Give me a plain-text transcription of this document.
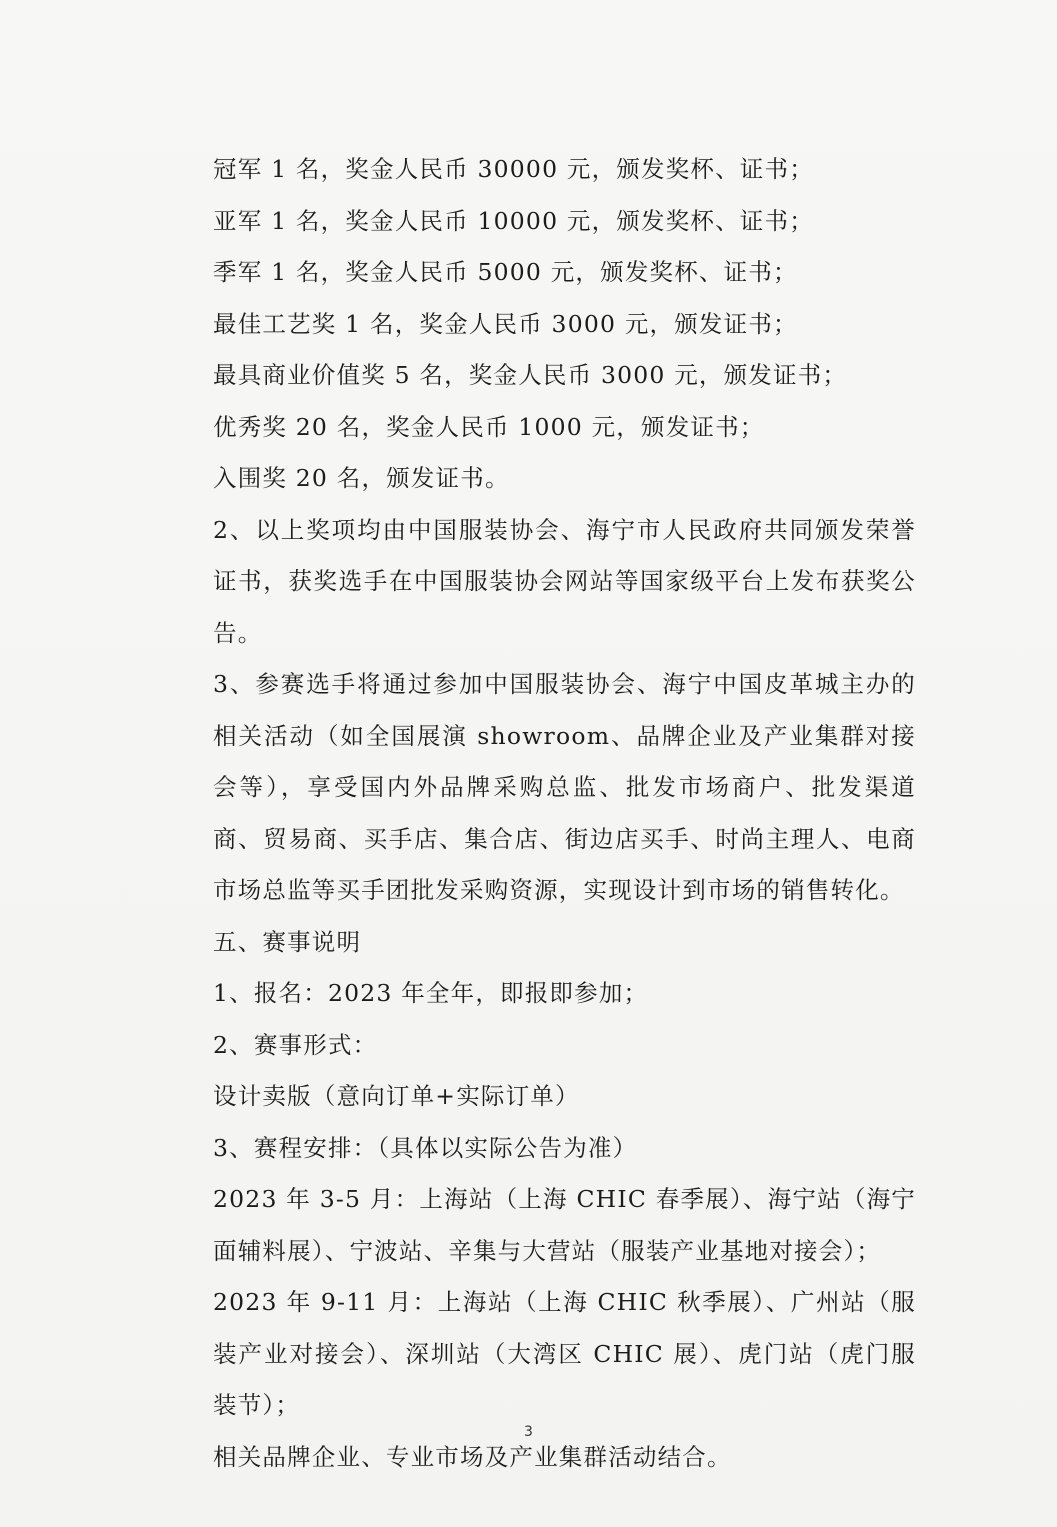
冠军 1 名，奖金人民币 30000 元，颁发奖杯、证书；

亚军 1 名，奖金人民币 10000 元，颁发奖杯、证书；

季军 1 名，奖金人民币 5000 元，颁发奖杯、证书；

最佳工艺奖 1 名，奖金人民币 3000 元，颁发证书；

最具商业价值奖 5 名，奖金人民币 3000 元，颁发证书；

优秀奖 20 名，奖金人民币 1000 元，颁发证书；

入围奖 20 名，颁发证书。

2、以上奖项均由中国服装协会、海宁市人民政府共同颁发荣誉证书，获奖选手在中国服装协会网站等国家级平台上发布获奖公告。

3、参赛选手将通过参加中国服装协会、海宁中国皮革城主办的相关活动（如全国展演 showroom、品牌企业及产业集群对接会等），享受国内外品牌采购总监、批发市场商户、批发渠道商、贸易商、买手店、集合店、街边店买手、时尚主理人、电商市场总监等买手团批发采购资源，实现设计到市场的销售转化。

五、赛事说明

1、报名：2023 年全年，即报即参加；

2、赛事形式：

设计卖版（意向订单+实际订单）

3、赛程安排：（具体以实际公告为准）

2023 年 3-5 月：上海站（上海 CHIC 春季展）、海宁站（海宁面辅料展）、宁波站、辛集与大营站（服装产业基地对接会）；

2023 年 9-11 月：上海站（上海 CHIC 秋季展）、广州站（服装产业对接会）、深圳站（大湾区 CHIC 展）、虎门站（虎门服装节）；

相关品牌企业、专业市场及产业集群活动结合。

3
